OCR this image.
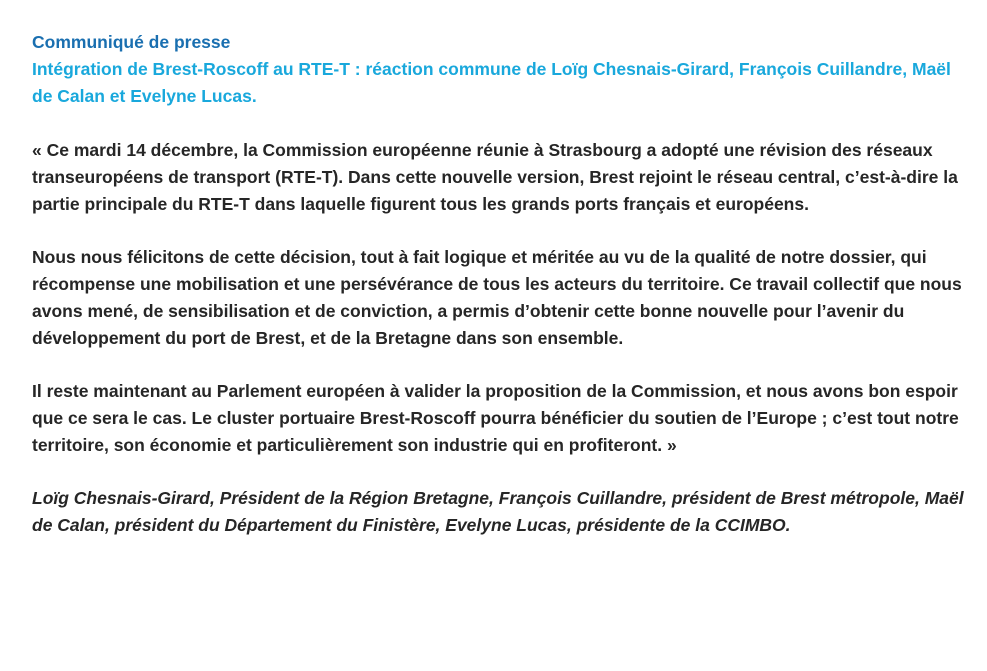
Communiqué de presse

Intégration de Brest-Roscoff au RTE-T : réaction commune de Loïg Chesnais-Girard, François Cuillandre, Maël de Calan et Evelyne Lucas.

« Ce mardi 14 décembre, la Commission européenne réunie à Strasbourg a adopté une révision des réseaux transeuropéens de transport (RTE-T). Dans cette nouvelle version, Brest rejoint le réseau central, c’est-à-dire la partie principale du RTE-T dans laquelle figurent tous les grands ports français et européens.

Nous nous félicitons de cette décision, tout à fait logique et méritée au vu de la qualité de notre dossier, qui récompense une mobilisation et une persévérance de tous les acteurs du territoire. Ce travail collectif que nous avons mené, de sensibilisation et de conviction, a permis d’obtenir cette bonne nouvelle pour l’avenir du développement du port de Brest, et de la Bretagne dans son ensemble.

Il reste maintenant au Parlement européen à valider la proposition de la Commission, et nous avons bon espoir que ce sera le cas. Le cluster portuaire Brest-Roscoff pourra bénéficier du soutien de l’Europe ; c’est tout notre territoire, son économie et particulièrement son industrie qui en profiteront. »

Loïg Chesnais-Girard, Président de la Région Bretagne, François Cuillandre, président de Brest métropole, Maël de Calan, président du Département du Finistère, Evelyne Lucas, présidente de la CCIMBO.
